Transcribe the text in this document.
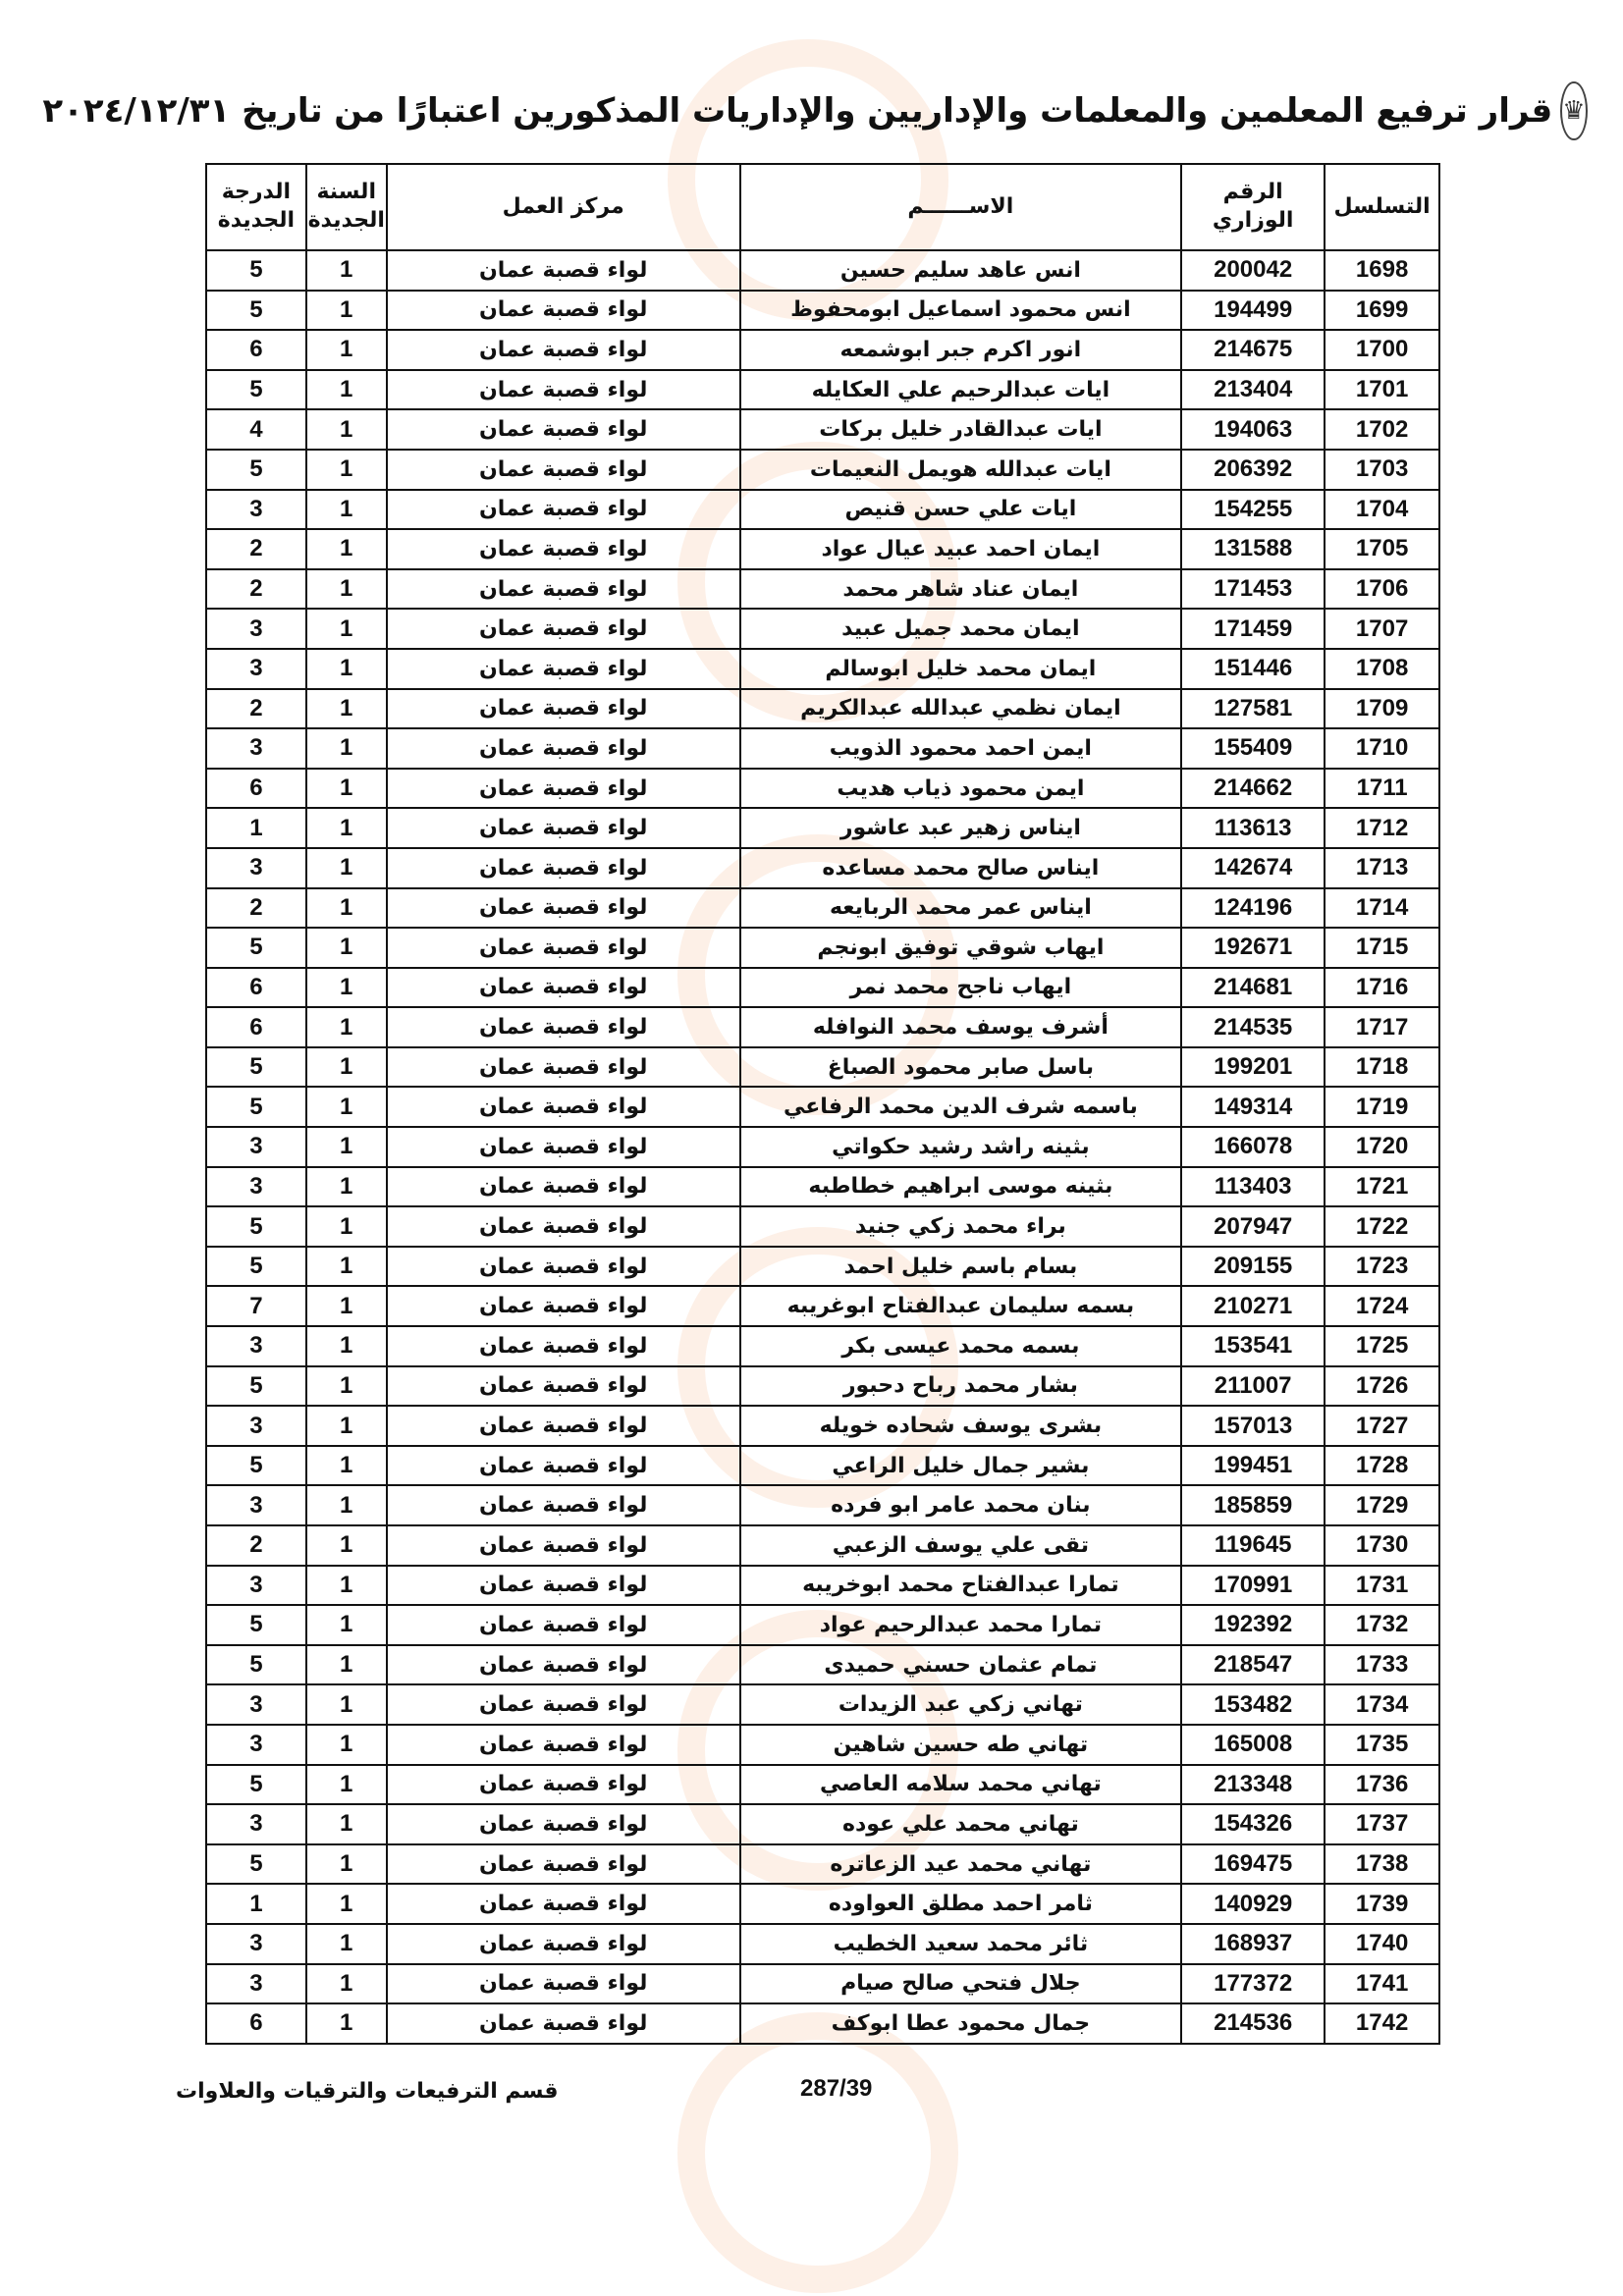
♛
قرار ترفيع المعلمين والمعلمات والإداريين والإداريات المذكورين اعتبارًا من تاريخ ٢٠٢٤/١٢/٣١
التسلسل	الرقم الوزاري	الاســــــم	مركز العمل	السنة الجديدة	الدرجة الجديدة
1698	200042	انس عاهد سليم حسين	لواء قصبة عمان	1	5
1699	194499	انس محمود اسماعيل ابومحفوظ	لواء قصبة عمان	1	5
1700	214675	انور اكرم جبر ابوشمعه	لواء قصبة عمان	1	6
1701	213404	ايات عبدالرحيم علي العكايله	لواء قصبة عمان	1	5
1702	194063	ايات عبدالقادر خليل بركات	لواء قصبة عمان	1	4
1703	206392	ايات عبدالله هويمل النعيمات	لواء قصبة عمان	1	5
1704	154255	ايات علي حسن قنيص	لواء قصبة عمان	1	3
1705	131588	ايمان احمد عبيد عيال عواد	لواء قصبة عمان	1	2
1706	171453	ايمان عناد شاهر محمد	لواء قصبة عمان	1	2
1707	171459	ايمان محمد جميل عبيد	لواء قصبة عمان	1	3
1708	151446	ايمان محمد خليل ابوسالم	لواء قصبة عمان	1	3
1709	127581	ايمان نظمي عبدالله عبدالكريم	لواء قصبة عمان	1	2
1710	155409	ايمن احمد محمود الذويب	لواء قصبة عمان	1	3
1711	214662	ايمن محمود ذياب هديب	لواء قصبة عمان	1	6
1712	113613	ايناس زهير عبد عاشور	لواء قصبة عمان	1	1
1713	142674	ايناس صالح محمد مساعده	لواء قصبة عمان	1	3
1714	124196	ايناس عمر محمد الربايعه	لواء قصبة عمان	1	2
1715	192671	ايهاب شوقي توفيق ابونجم	لواء قصبة عمان	1	5
1716	214681	ايهاب ناجح محمد نمر	لواء قصبة عمان	1	6
1717	214535	أشرف يوسف محمد النوافله	لواء قصبة عمان	1	6
1718	199201	باسل صابر محمود الصباغ	لواء قصبة عمان	1	5
1719	149314	باسمه شرف الدين محمد الرفاعي	لواء قصبة عمان	1	5
1720	166078	بثينه راشد رشيد حكواتي	لواء قصبة عمان	1	3
1721	113403	بثينه موسى ابراهيم خطاطبه	لواء قصبة عمان	1	3
1722	207947	براء محمد زكي جنيد	لواء قصبة عمان	1	5
1723	209155	بسام باسم خليل احمد	لواء قصبة عمان	1	5
1724	210271	بسمه سليمان عبدالفتاح ابوغريبه	لواء قصبة عمان	1	7
1725	153541	بسمه محمد عيسى بكر	لواء قصبة عمان	1	3
1726	211007	بشار محمد رباح دحبور	لواء قصبة عمان	1	5
1727	157013	بشرى يوسف شحاده خويله	لواء قصبة عمان	1	3
1728	199451	بشير جمال خليل الراعي	لواء قصبة عمان	1	5
1729	185859	بنان محمد عامر ابو فرده	لواء قصبة عمان	1	3
1730	119645	تقى علي يوسف الزعبي	لواء قصبة عمان	1	2
1731	170991	تمارا عبدالفتاح محمد ابوخريبه	لواء قصبة عمان	1	3
1732	192392	تمارا محمد عبدالرحيم عواد	لواء قصبة عمان	1	5
1733	218547	تمام عثمان حسني حميدى	لواء قصبة عمان	1	5
1734	153482	تهاني زكي عبد الزيدات	لواء قصبة عمان	1	3
1735	165008	تهاني طه حسين شاهين	لواء قصبة عمان	1	3
1736	213348	تهاني محمد سلامه العاصي	لواء قصبة عمان	1	5
1737	154326	تهاني محمد علي عوده	لواء قصبة عمان	1	3
1738	169475	تهاني محمد عيد الزعاتره	لواء قصبة عمان	1	5
1739	140929	ثامر احمد مطلق العواوده	لواء قصبة عمان	1	1
1740	168937	ثائر محمد سعيد الخطيب	لواء قصبة عمان	1	3
1741	177372	جلال فتحي صالح صيام	لواء قصبة عمان	1	3
1742	214536	جمال محمود عطا ابوكف	لواء قصبة عمان	1	6
287/39
قسم الترفيعات والترقيات والعلاوات
